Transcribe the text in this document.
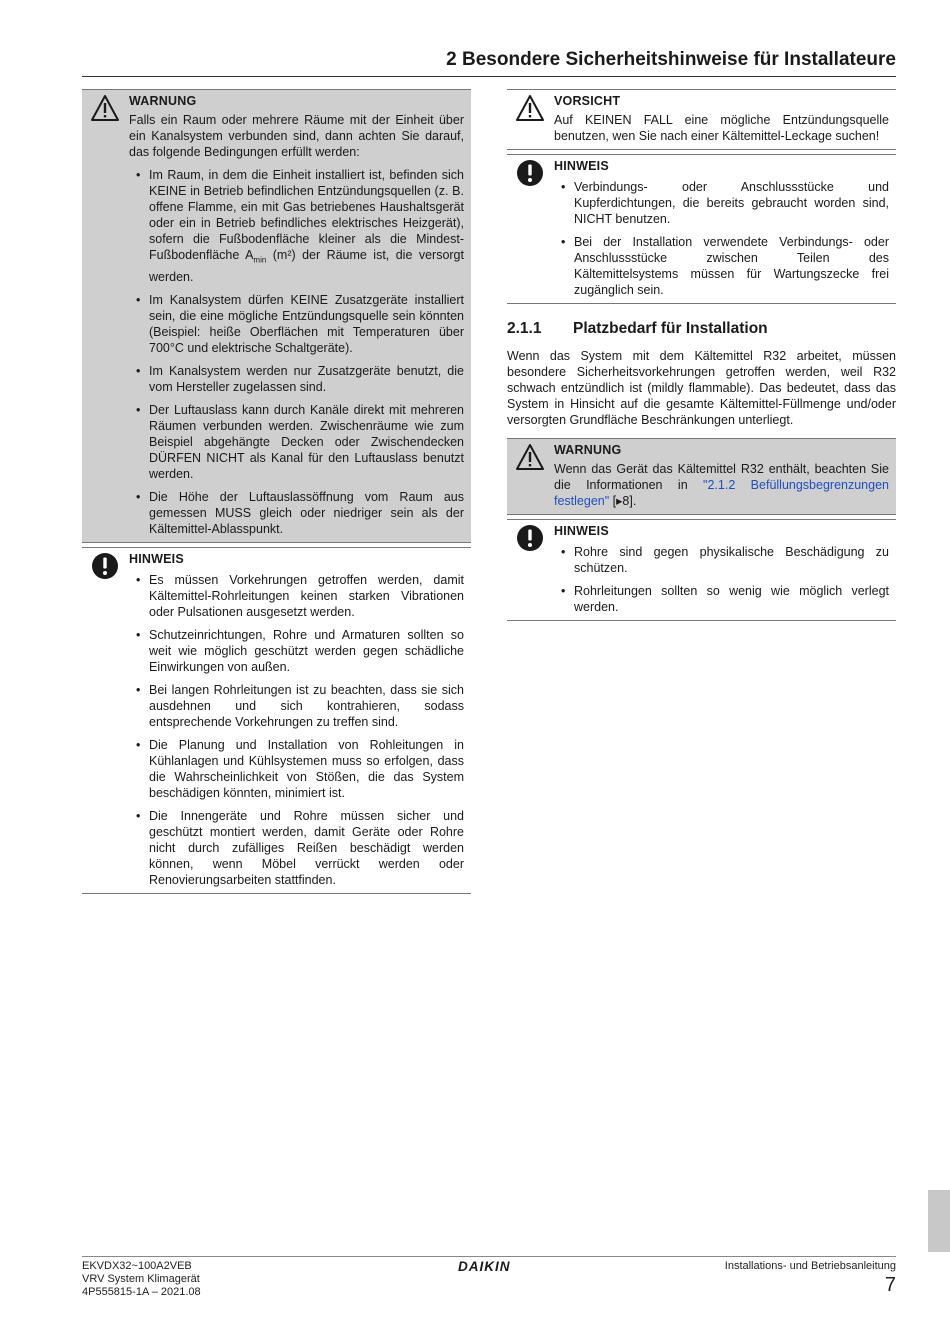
2 Besondere Sicherheitshinweise für Installateure
WARNUNG

Falls ein Raum oder mehrere Räume mit der Einheit über ein Kanalsystem verbunden sind, dann achten Sie darauf, das folgende Bedingungen erfüllt werden:

• Im Raum, in dem die Einheit installiert ist, befinden sich KEINE in Betrieb befindlichen Entzündungsquellen (z. B. offene Flamme, ein mit Gas betriebenes Haushaltsgerät oder ein in Betrieb befindliches elektrisches Heizgerät), sofern die Fußbodenfläche kleiner als die Mindest-Fußbodenfläche $A_{min}$ (m²) der Räume ist, die versorgt werden.
• Im Kanalsystem dürfen KEINE Zusatzgeräte installiert sein, die eine mögliche Entzündungsquelle sein könnten (Beispiel: heiße Oberflächen mit Temperaturen über 700°C und elektrische Schaltgeräte).
• Im Kanalsystem werden nur Zusatzgeräte benutzt, die vom Hersteller zugelassen sind.
• Der Luftauslass kann durch Kanäle direkt mit mehreren Räumen verbunden werden. Zwischenräume wie zum Beispiel abgehängte Decken oder Zwischendecken DÜRFEN NICHT als Kanal für den Luftauslass benutzt werden.
• Die Höhe der Luftauslassöffnung vom Raum aus gemessen MUSS gleich oder niedriger sein als der Kältemittel-Ablasspunkt.
HINWEIS
• Es müssen Vorkehrungen getroffen werden, damit Kältemittel-Rohrleitungen keinen starken Vibrationen oder Pulsationen ausgesetzt werden.
• Schutzeinrichtungen, Rohre und Armaturen sollten so weit wie möglich geschützt werden gegen schädliche Einwirkungen von außen.
• Bei langen Rohrleitungen ist zu beachten, dass sie sich ausdehnen und sich kontrahieren, sodass entsprechende Vorkehrungen zu treffen sind.
• Die Planung und Installation von Rohleitungen in Kühlanlagen und Kühlsystemen muss so erfolgen, dass die Wahrscheinlichkeit von Stößen, die das System beschädigen könnten, minimiert ist.
• Die Innengeräte und Rohre müssen sicher und geschützt montiert werden, damit Geräte oder Rohre nicht durch zufälliges Reißen beschädigt werden können, wenn Möbel verrückt werden oder Renovierungsarbeiten stattfinden.
VORSICHT

Auf KEINEN FALL eine mögliche Entzündungsquelle benutzen, wen Sie nach einer Kältemittel-Leckage suchen!

HINWEIS
• Verbindungs- oder Anschlussstücke und Kupferdichtungen, die bereits gebraucht worden sind, NICHT benutzen.
• Bei der Installation verwendete Verbindungs- oder Anschlussstücke zwischen Teilen des Kältemittelsystems müssen für Wartungszecke frei zugänglich sein.
2.1.1 Platzbedarf für Installation

Wenn das System mit dem Kältemittel R32 arbeitet, müssen besondere Sicherheitsvorkehrungen getroffen werden, weil R32 schwach entzündlich ist (mildly flammable). Das bedeutet, dass das System in Hinsicht auf die gesamte Kältemittel-Füllmenge und/oder versorgten Grundfläche Beschränkungen unterliegt.

WARNUNG

Wenn das Gerät das Kältemittel R32 enthält, beachten Sie die Informationen in "2.1.2 Befüllungsbegrenzungen festlegen" [▸8].

HINWEIS
• Rohre sind gegen physikalische Beschädigung zu schützen.
• Rohrleitungen sollten so wenig wie möglich verlegt werden.
EKVDX32~100A2VEB
VRV System Klimagerät
4P555815-1A – 2021.08
DAIKIN	Installations- und Betriebsanleitung
7
